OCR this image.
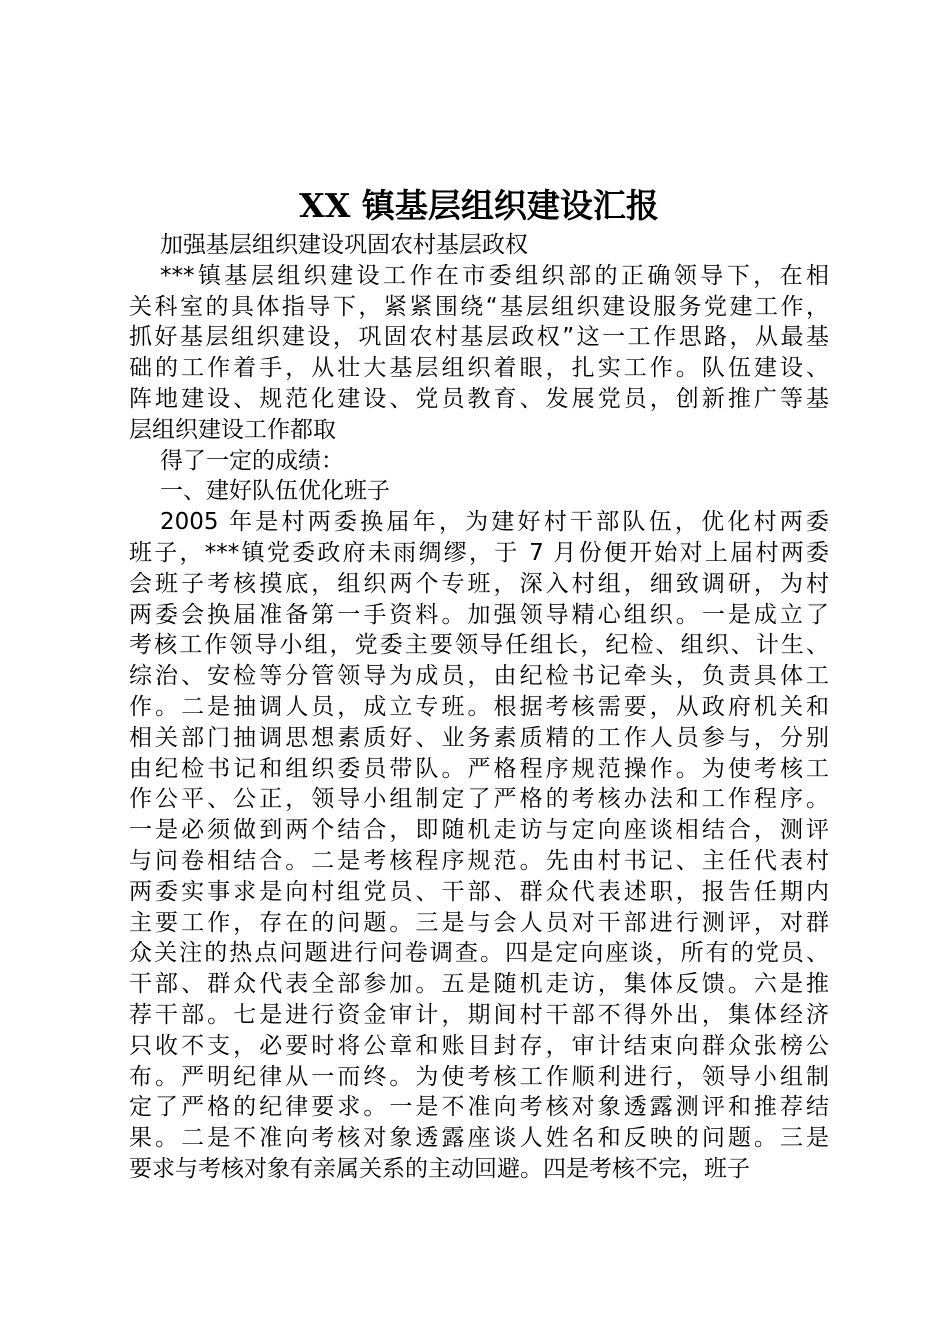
XX 镇基层组织建设汇报

加强基层组织建设巩固农村基层政权

***镇基层组织建设工作在市委组织部的正确领导下，在相
关科室的具体指导下，紧紧围绕“基层组织建设服务党建工作，
抓好基层组织建设，巩固农村基层政权”这一工作思路，从最基
础的工作着手，从壮大基层组织着眼，扎实工作。队伍建设、
阵地建设、规范化建设、党员教育、发展党员，创新推广等基
层组织建设工作都取

得了一定的成绩：

一、建好队伍优化班子

2005 年是村两委换届年，为建好村干部队伍，优化村两委
班子，***镇党委政府未雨绸缪，于 7 月份便开始对上届村两委
会班子考核摸底，组织两个专班，深入村组，细致调研，为村
两委会换届准备第一手资料。加强领导精心组织。一是成立了
考核工作领导小组，党委主要领导任组长，纪检、组织、计生、
综治、安检等分管领导为成员，由纪检书记牵头，负责具体工
作。二是抽调人员，成立专班。根据考核需要，从政府机关和
相关部门抽调思想素质好、业务素质精的工作人员参与，分别
由纪检书记和组织委员带队。严格程序规范操作。为使考核工
作公平、公正，领导小组制定了严格的考核办法和工作程序。
一是必须做到两个结合，即随机走访与定向座谈相结合，测评
与问卷相结合。二是考核程序规范。先由村书记、主任代表村
两委实事求是向村组党员、干部、群众代表述职，报告任期内
主要工作，存在的问题。三是与会人员对干部进行测评，对群
众关注的热点问题进行问卷调查。四是定向座谈，所有的党员、
干部、群众代表全部参加。五是随机走访，集体反馈。六是推
荐干部。七是进行资金审计，期间村干部不得外出，集体经济
只收不支，必要时将公章和账目封存，审计结束向群众张榜公
布。严明纪律从一而终。为使考核工作顺利进行，领导小组制
定了严格的纪律要求。一是不准向考核对象透露测评和推荐结
果。二是不准向考核对象透露座谈人姓名和反映的问题。三是
要求与考核对象有亲属关系的主动回避。四是考核不完，班子
